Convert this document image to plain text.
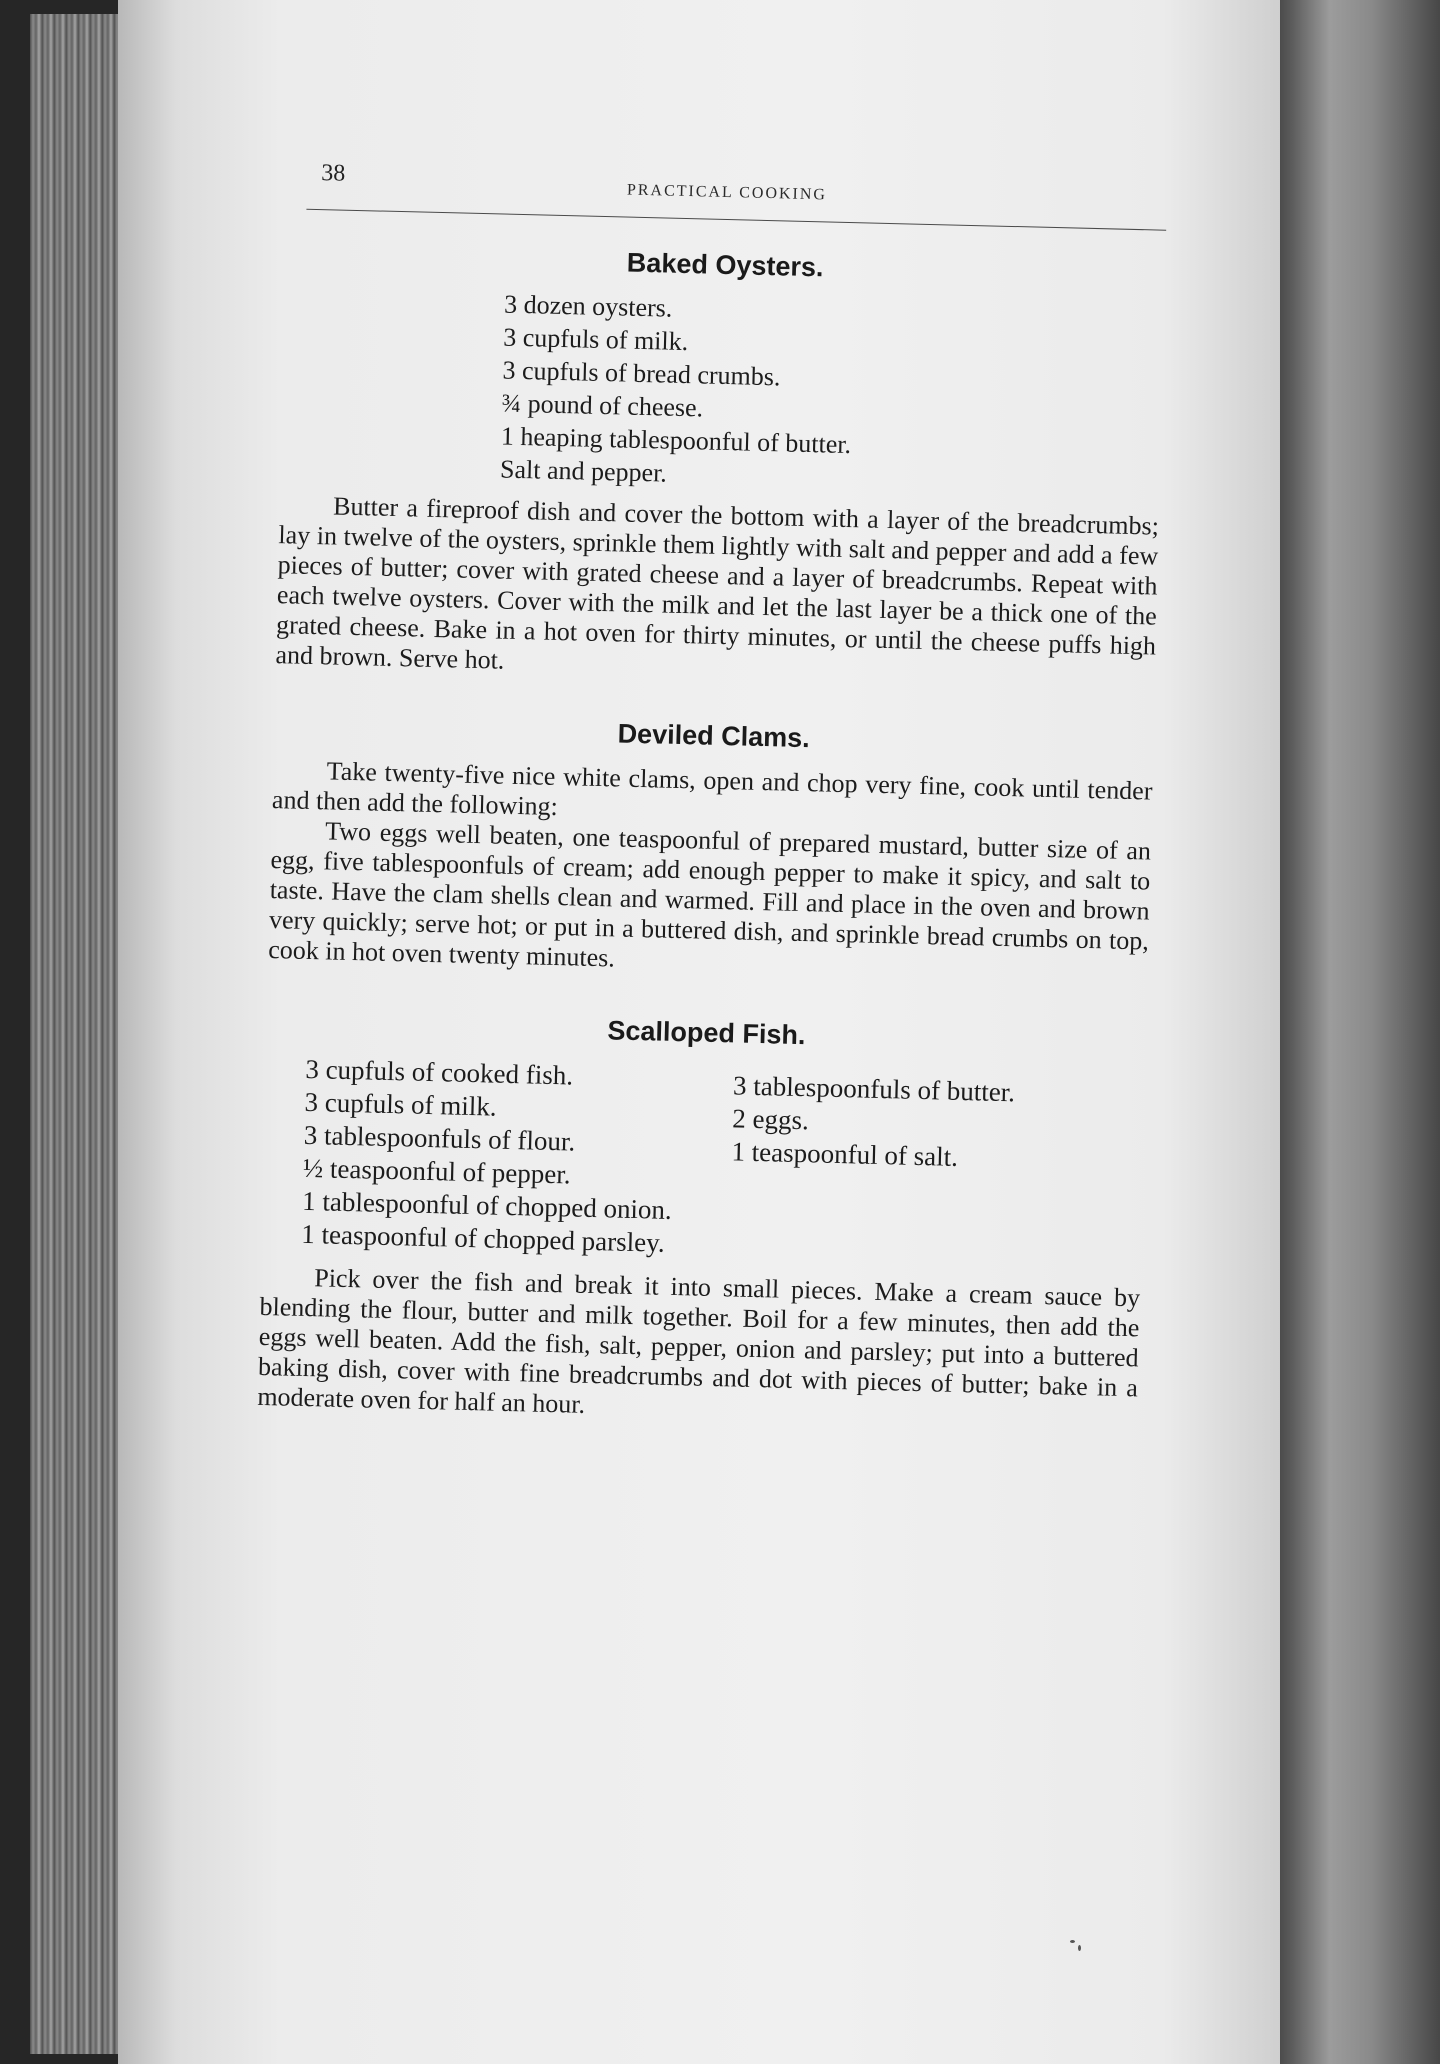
38
PRACTICAL COOKING
Baked Oysters.
3 dozen oysters.
3 cupfuls of milk.
3 cupfuls of bread crumbs.
¾ pound of cheese.
1 heaping tablespoonful of butter.
Salt and pepper.

Butter a fireproof dish and cover the bottom with a layer of the breadcrumbs; lay in twelve of the oysters, sprinkle them lightly with salt and pepper and add a few pieces of butter; cover with grated cheese and a layer of breadcrumbs. Repeat with each twelve oysters. Cover with the milk and let the last layer be a thick one of the grated cheese. Bake in a hot oven for thirty minutes, or until the cheese puffs high and brown. Serve hot.

Deviled Clams.

Take twenty-five nice white clams, open and chop very fine, cook until tender and then add the following:

Two eggs well beaten, one teaspoonful of prepared mustard, butter size of an egg, five tablespoonfuls of cream; add enough pepper to make it spicy, and salt to taste. Have the clam shells clean and warmed. Fill and place in the oven and brown very quickly; serve hot; or put in a buttered dish, and sprinkle bread crumbs on top, cook in hot oven twenty minutes.

Scalloped Fish.
3 cupfuls of cooked fish.
3 cupfuls of milk.
3 tablespoonfuls of flour.
½ teaspoonful of pepper.
3 tablespoonfuls of butter.
2 eggs.
1 teaspoonful of salt.
1 tablespoonful of chopped onion.
1 teaspoonful of chopped parsley.

Pick over the fish and break it into small pieces. Make a cream sauce by blending the flour, butter and milk together. Boil for a few minutes, then add the eggs well beaten. Add the fish, salt, pepper, onion and parsley; put into a buttered baking dish, cover with fine breadcrumbs and dot with pieces of butter; bake in a moderate oven for half an hour.
